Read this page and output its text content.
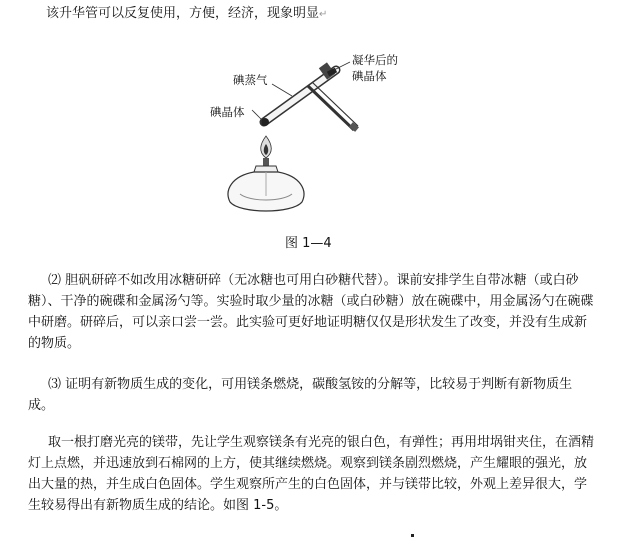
该升华管可以反复使用，方便，经济，现象明显↵
碘蒸气
凝华后的
碘晶体
碘晶体
图 1—4
⑵ 胆矾研碎不如改用冰糖研碎（无冰糖也可用白砂糖代替）。课前安排学生自带冰糖（或白砂糖）、干净的碗碟和金属汤勺等。实验时取少量的冰糖（或白砂糖）放在碗碟中，用金属汤勺在碗碟中研磨。研碎后，可以亲口尝一尝。此实验可更好地证明糖仅仅是形状发生了改变，并没有生成新的物质。
⑶ 证明有新物质生成的变化，可用镁条燃烧，碳酸氢铵的分解等，比较易于判断有新物质生成。
取一根打磨光亮的镁带，先让学生观察镁条有光亮的银白色，有弹性；再用坩埚钳夹住，在酒精灯上点燃，并迅速放到石棉网的上方，使其继续燃烧。观察到镁条剧烈燃烧，产生耀眼的强光，放出大量的热，并生成白色固体。学生观察所产生的白色固体，并与镁带比较，外观上差异很大，学生较易得出有新物质生成的结论。如图 1-5。
